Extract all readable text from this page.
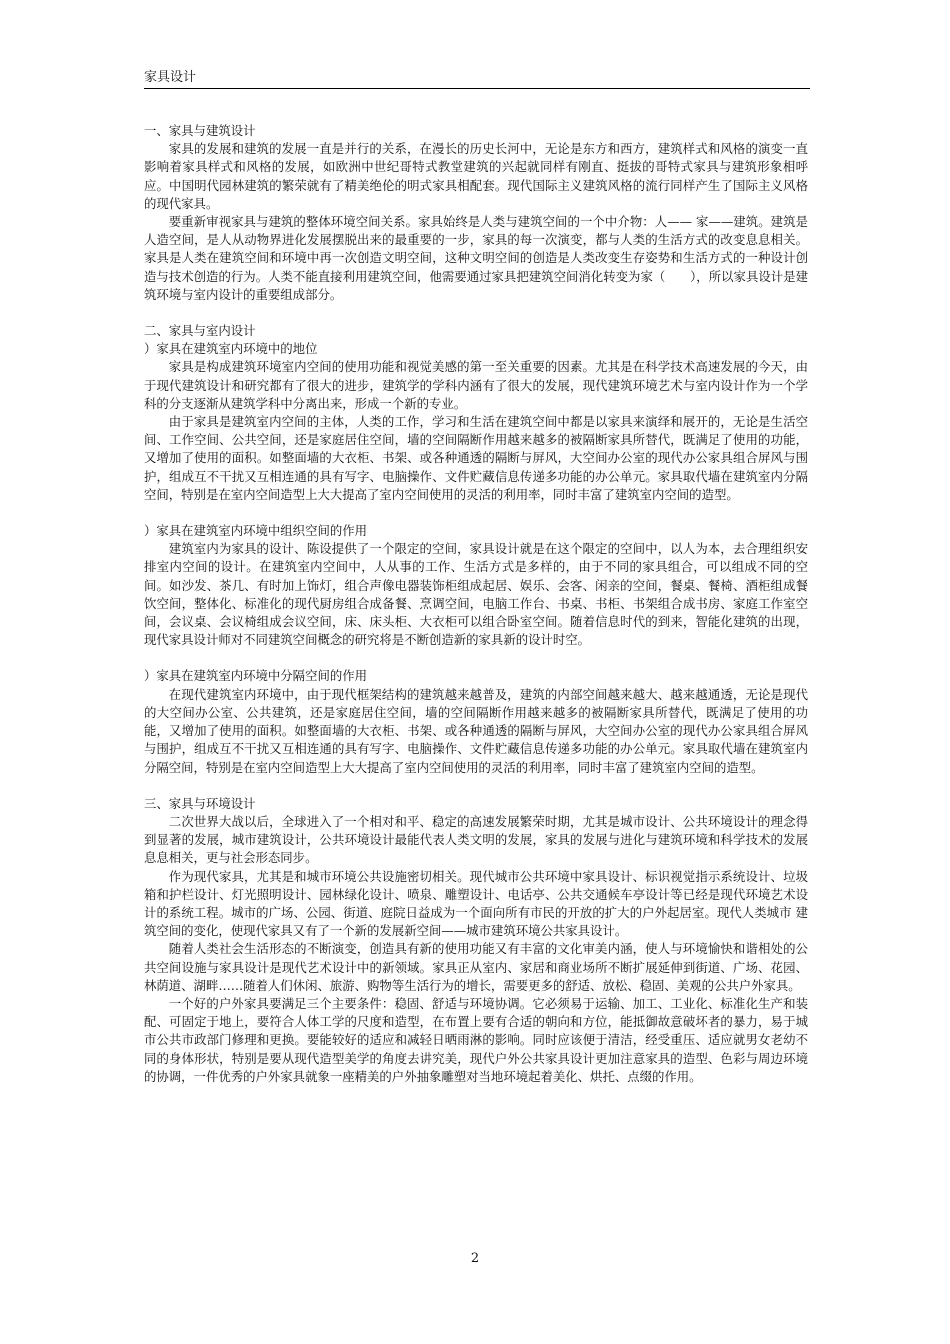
家具设计

一、家具与建筑设计

家具的发展和建筑的发展一直是并行的关系，在漫长的历史长河中，无论是东方和西方，建筑样式和风格的演变一直影响着家具样式和风格的发展，如欧洲中世纪哥特式教堂建筑的兴起就同样有刚直、挺拔的哥特式家具与建筑形象相呼应。中国明代园林建筑的繁荣就有了精美绝伦的明式家具相配套。现代国际主义建筑风格的流行同样产生了国际主义风格的现代家具。

要重新审视家具与建筑的整体环境空间关系。家具始终是人类与建筑空间的一个中介物：人—— 家——建筑。建筑是人造空间，是人从动物界进化发展摆脱出来的最重要的一步，家具的每一次演变，都与人类的生活方式的改变息息相关。家具是人类在建筑空间和环境中再一次创造文明空间，这种文明空间的创造是人类改变生存姿势和生活方式的一种设计创造与技术创造的行为。人类不能直接利用建筑空间，他需要通过家具把建筑空间消化转变为家（　　），所以家具设计是建筑环境与室内设计的重要组成部分。

二、家具与室内设计

）家具在建筑室内环境中的地位

家具是构成建筑环境室内空间的使用功能和视觉美感的第一至关重要的因素。尤其是在科学技术高速发展的今天，由于现代建筑设计和研究都有了很大的进步，建筑学的学科内涵有了很大的发展，现代建筑环境艺术与室内设计作为一个学科的分支逐渐从建筑学科中分离出来，形成一个新的专业。

由于家具是建筑室内空间的主体，人类的工作，学习和生活在建筑空间中都是以家具来演绎和展开的，无论是生活空间、工作空间、公共空间，还是家庭居住空间，墙的空间隔断作用越来越多的被隔断家具所替代，既满足了使用的功能，又增加了使用的面积。如整面墙的大衣柜、书架、或各种通透的隔断与屏风，大空间办公室的现代办公家具组合屏风与围护，组成互不干扰又互相连通的具有写字、电脑操作、文件贮藏信息传递多功能的办公单元。家具取代墙在建筑室内分隔空间，特别是在室内空间造型上大大提高了室内空间使用的灵活的利用率，同时丰富了建筑室内空间的造型。

）家具在建筑室内环境中组织空间的作用

建筑室内为家具的设计、陈设提供了一个限定的空间，家具设计就是在这个限定的空间中，以人为本，去合理组织安排室内空间的设计。在建筑室内空间中，人从事的工作、生活方式是多样的，由于不同的家具组合，可以组成不同的空间。如沙发、茶几、有时加上饰灯，组合声像电器装饰柜组成起居、娱乐、会客、闲亲的空间，餐桌、餐椅、酒柜组成餐饮空间，整体化、标准化的现代厨房组合成备餐、烹调空间，电脑工作台、书桌、书柜、书架组合成书房、家庭工作室空间，会议桌、会议椅组成会议空间，床、床头柜、大衣柜可以组合卧室空间。随着信息时代的到来，智能化建筑的出现，现代家具设计师对不同建筑空间概念的研究将是不断创造新的家具新的设计时空。

）家具在建筑室内环境中分隔空间的作用

在现代建筑室内环境中，由于现代框架结构的建筑越来越普及，建筑的内部空间越来越大、越来越通透，无论是现代的大空间办公室、公共建筑，还是家庭居住空间，墙的空间隔断作用越来越多的被隔断家具所替代，既满足了使用的功能，又增加了使用的面积。如整面墙的大衣柜、书架、或各种通透的隔断与屏风，大空间办公室的现代办公家具组合屏风与围护，组成互不干扰又互相连通的具有写字、电脑操作、文件贮藏信息传递多功能的办公单元。家具取代墙在建筑室内分隔空间，特别是在室内空间造型上大大提高了室内空间使用的灵活的利用率，同时丰富了建筑室内空间的造型。

三、家具与环境设计

二次世界大战以后，全球进入了一个相对和平、稳定的高速发展繁荣时期，尤其是城市设计、公共环境设计的理念得到显著的发展，城市建筑设计，公共环境设计最能代表人类文明的发展，家具的发展与进化与建筑环境和科学技术的发展息息相关，更与社会形态同步。

作为现代家具，尤其是和城市环境公共设施密切相关。现代城市公共环境中家具设计、标识视觉指示系统设计、垃圾箱和护栏设计、灯光照明设计、园林绿化设计、喷泉、雕塑设计、电话亭、公共交通候车亭设计等已经是现代环境艺术设计的系统工程。城市的广场、公园、街道、庭院日益成为一个面向所有市民的开放的扩大的户外起居室。现代人类城市 建筑空间的变化，使现代家具又有了一个新的发展新空间——城市建筑环境公共家具设计。

随着人类社会生活形态的不断演变，创造具有新的使用功能又有丰富的文化审美内涵，使人与环境愉快和谐相处的公共空间设施与家具设计是现代艺术设计中的新领域。家具正从室内、家居和商业场所不断扩展延伸到街道、广场、花园、林荫道、湖畔……随着人们休闲、旅游、购物等生活行为的增长，需要更多的舒适、放松、稳固、美观的公共户外家具。

一个好的户外家具要满足三个主要条件：稳固、舒适与环境协调。它必须易于运输、加工、工业化、标准化生产和装配、可固定于地上，要符合人体工学的尺度和造型，在布置上要有合适的朝向和方位，能抵御故意破坏者的暴力，易于城市公共市政部门修理和更换。要能较好的适应和减轻日晒雨淋的影响。同时应该便于清洁，经受重压、适应就男女老幼不同的身体形状，特别是要从现代造型美学的角度去讲究美，现代户外公共家具设计更加注意家具的造型、色彩与周边环境的协调，一件优秀的户外家具就象一座精美的户外抽象雕塑对当地环境起着美化、烘托、点缀的作用。

2
